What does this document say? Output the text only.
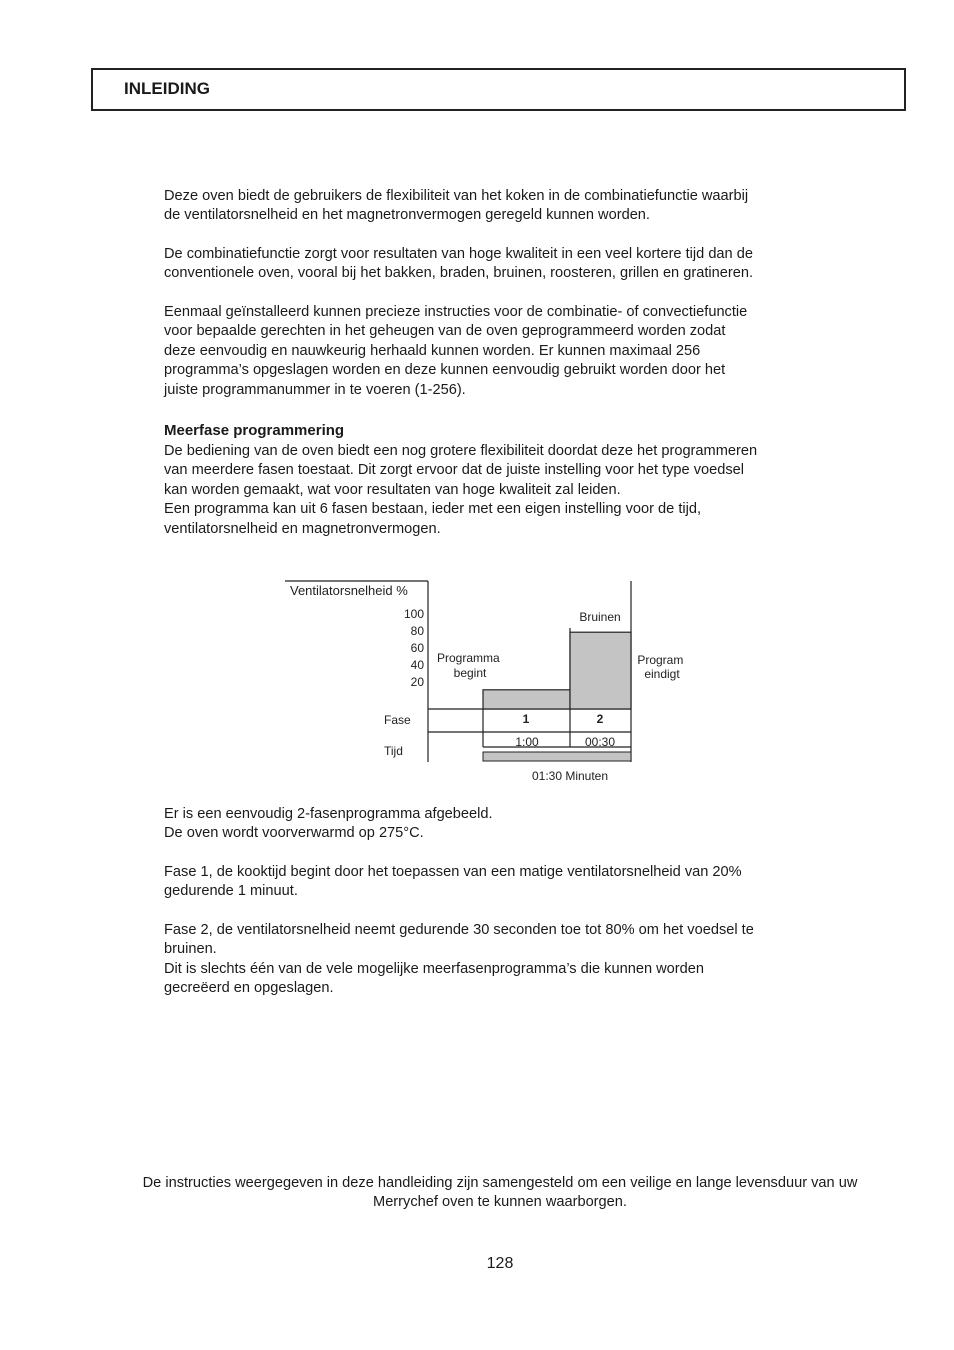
INLEIDING

Deze oven biedt de gebruikers de flexibiliteit van het koken in de combinatiefunctie waarbij
de ventilatorsnelheid en het magnetronvermogen geregeld kunnen worden.

De combinatiefunctie zorgt voor resultaten van hoge kwaliteit in een veel kortere tijd dan de
conventionele oven, vooral bij het bakken, braden, bruinen, roosteren, grillen en gratineren.

Eenmaal geïnstalleerd kunnen precieze instructies voor de combinatie- of convectiefunctie
voor bepaalde gerechten in het geheugen van de oven geprogrammeerd worden zodat
deze eenvoudig en nauwkeurig herhaald kunnen worden. Er kunnen maximaal 256
programma’s opgeslagen worden en deze kunnen eenvoudig gebruikt worden door het
juiste programmanummer in te voeren (1-256).

Meerfase programmering

De bediening van de oven biedt een nog grotere flexibiliteit doordat deze het programmeren
van meerdere fasen toestaat. Dit zorgt ervoor dat de juiste instelling voor het type voedsel
kan worden gemaakt, wat voor resultaten van hoge kwaliteit zal leiden.
Een programma kan uit 6 fasen bestaan, ieder met een eigen instelling voor de tijd,
ventilatorsnelheid en magnetronvermogen.

Ventilatorsnelheid %
100
80
60
40
20
Fase
Tijd
1	2
1:00	00:30
01:30 Minuten
Bruinen
Programma begint
Program eindigt

Er is een eenvoudig 2-fasenprogramma afgebeeld.
De oven wordt voorverwarmd op 275°C.

Fase 1, de kooktijd begint door het toepassen van een matige ventilatorsnelheid van 20%
gedurende 1 minuut.

Fase 2, de ventilatorsnelheid neemt gedurende 30 seconden toe tot 80% om het voedsel te
bruinen.
Dit is slechts één van de vele mogelijke meerfasenprogramma’s die kunnen worden
gecreëerd en opgeslagen.

De instructies weergegeven in deze handleiding zijn samengesteld om een veilige en lange levensduur van uw
Merrychef oven te kunnen waarborgen.
128
